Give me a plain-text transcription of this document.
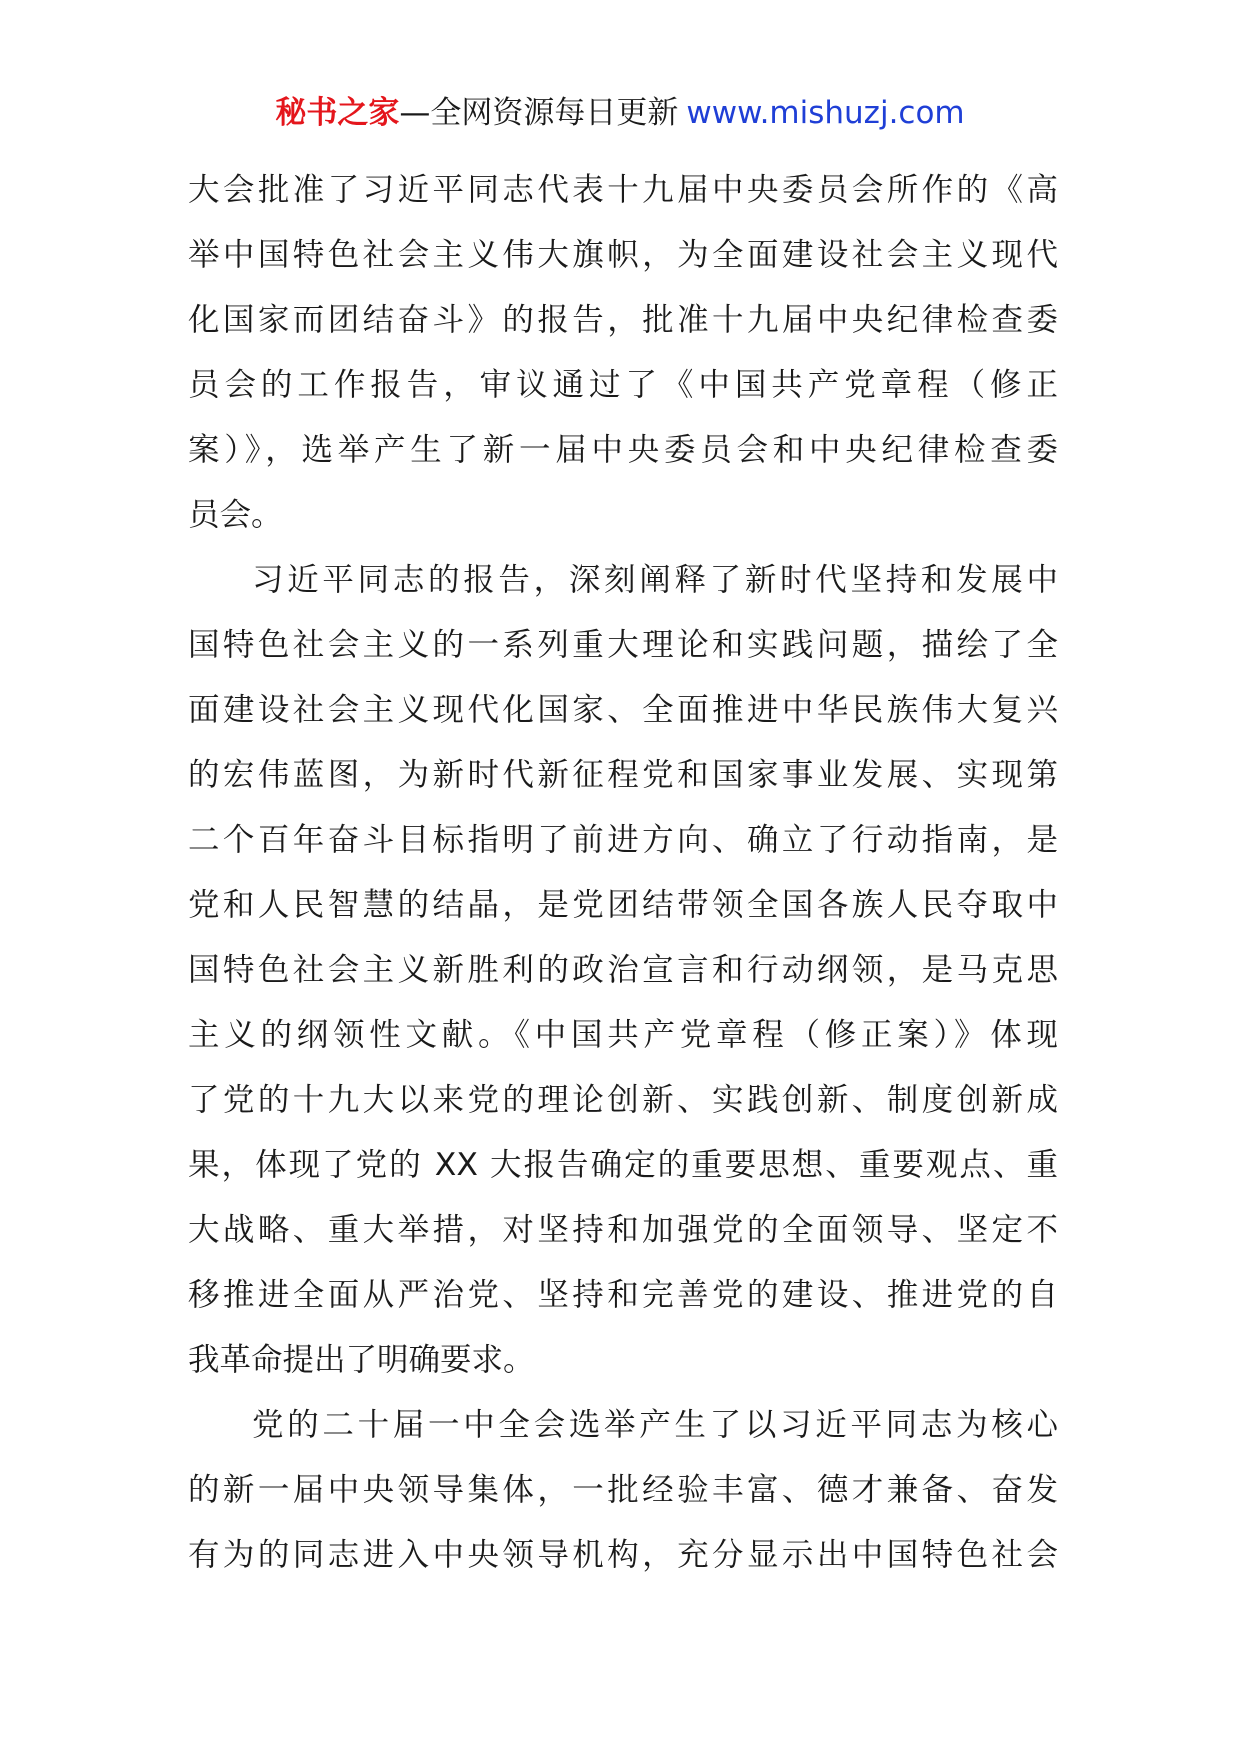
秘书之家—全网资源每日更新 www.mishuzj.com
大会批准了习近平同志代表十九届中央委员会所作的《高
举中国特色社会主义伟大旗帜，为全面建设社会主义现代
化国家而团结奋斗》的报告，批准十九届中央纪律检查委
员会的工作报告，审议通过了《中国共产党章程（修正
案）》，选举产生了新一届中央委员会和中央纪律检查委
员会。
习近平同志的报告，深刻阐释了新时代坚持和发展中
国特色社会主义的一系列重大理论和实践问题，描绘了全
面建设社会主义现代化国家、全面推进中华民族伟大复兴
的宏伟蓝图，为新时代新征程党和国家事业发展、实现第
二个百年奋斗目标指明了前进方向、确立了行动指南，是
党和人民智慧的结晶，是党团结带领全国各族人民夺取中
国特色社会主义新胜利的政治宣言和行动纲领，是马克思
主义的纲领性文献。《中国共产党章程（修正案）》体现
了党的十九大以来党的理论创新、实践创新、制度创新成
果，体现了党的 XX 大报告确定的重要思想、重要观点、重
大战略、重大举措，对坚持和加强党的全面领导、坚定不
移推进全面从严治党、坚持和完善党的建设、推进党的自
我革命提出了明确要求。
党的二十届一中全会选举产生了以习近平同志为核心
的新一届中央领导集体，一批经验丰富、德才兼备、奋发
有为的同志进入中央领导机构，充分显示出中国特色社会
